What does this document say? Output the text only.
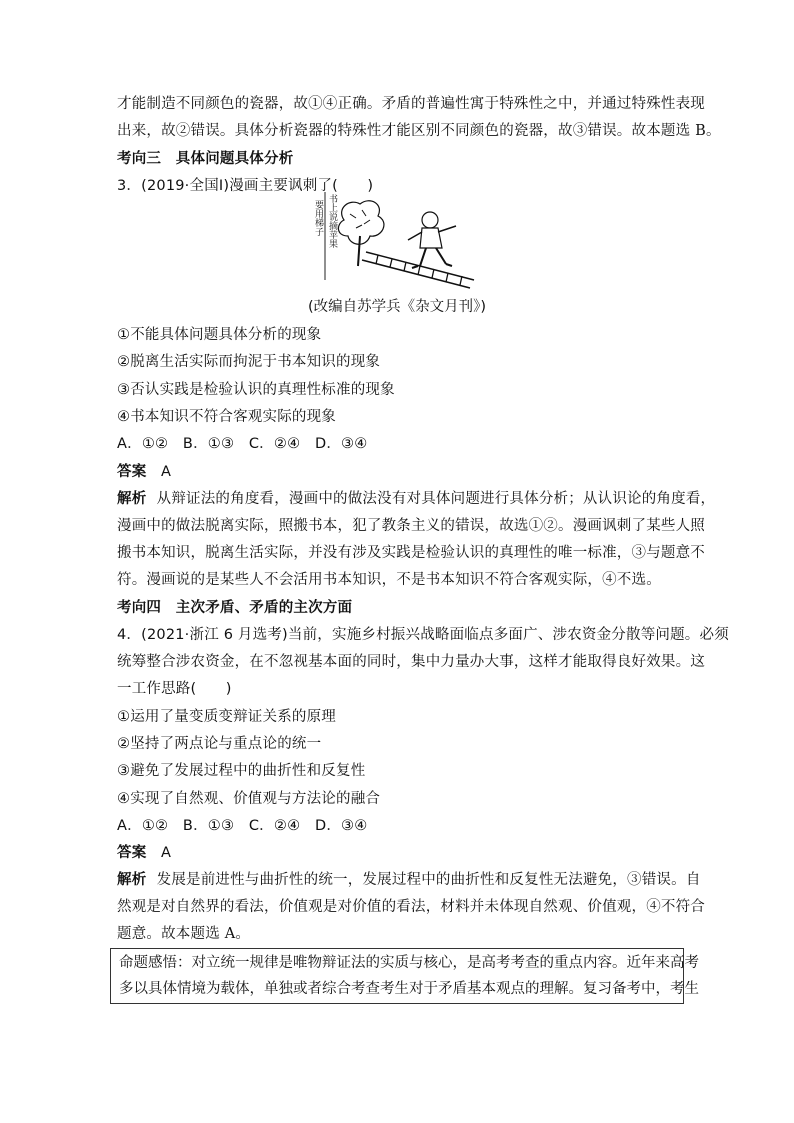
才能制造不同颜色的瓷器，故①④正确。矛盾的普遍性寓于特殊性之中，并通过特殊性表现
出来，故②错误。具体分析瓷器的特殊性才能区别不同颜色的瓷器，故③错误。故本题选 B。
考向三　具体问题具体分析
3．(2019·全国Ⅰ)漫画主要讽刺了(　　)
要用梯子 书上说摘苹果
(改编自苏学兵《杂文月刊》)
①不能具体问题具体分析的现象
②脱离生活实际而拘泥于书本知识的现象
③否认实践是检验认识的真理性标准的现象
④书本知识不符合客观实际的现象
A．①②　B．①③　C．②④　D．③④
答案 A
解析 从辩证法的角度看，漫画中的做法没有对具体问题进行具体分析；从认识论的角度看，
漫画中的做法脱离实际，照搬书本，犯了教条主义的错误，故选①②。漫画讽刺了某些人照
搬书本知识，脱离生活实际，并没有涉及实践是检验认识的真理性的唯一标准，③与题意不
符。漫画说的是某些人不会活用书本知识，不是书本知识不符合客观实际，④不选。
考向四　主次矛盾、矛盾的主次方面
4．(2021·浙江 6 月选考)当前，实施乡村振兴战略面临点多面广、涉农资金分散等问题。必须
统筹整合涉农资金，在不忽视基本面的同时，集中力量办大事，这样才能取得良好效果。这
一工作思路(　　)
①运用了量变质变辩证关系的原理
②坚持了两点论与重点论的统一
③避免了发展过程中的曲折性和反复性
④实现了自然观、价值观与方法论的融合
A．①②　B．①③　C．②④　D．③④
答案 A
解析 发展是前进性与曲折性的统一，发展过程中的曲折性和反复性无法避免，③错误。自
然观是对自然界的看法，价值观是对价值的看法，材料并未体现自然观、价值观，④不符合
题意。故本题选 A。
命题感悟：对立统一规律是唯物辩证法的实质与核心，是高考考查的重点内容。近年来高考
多以具体情境为载体，单独或者综合考查考生对于矛盾基本观点的理解。复习备考中，考生
